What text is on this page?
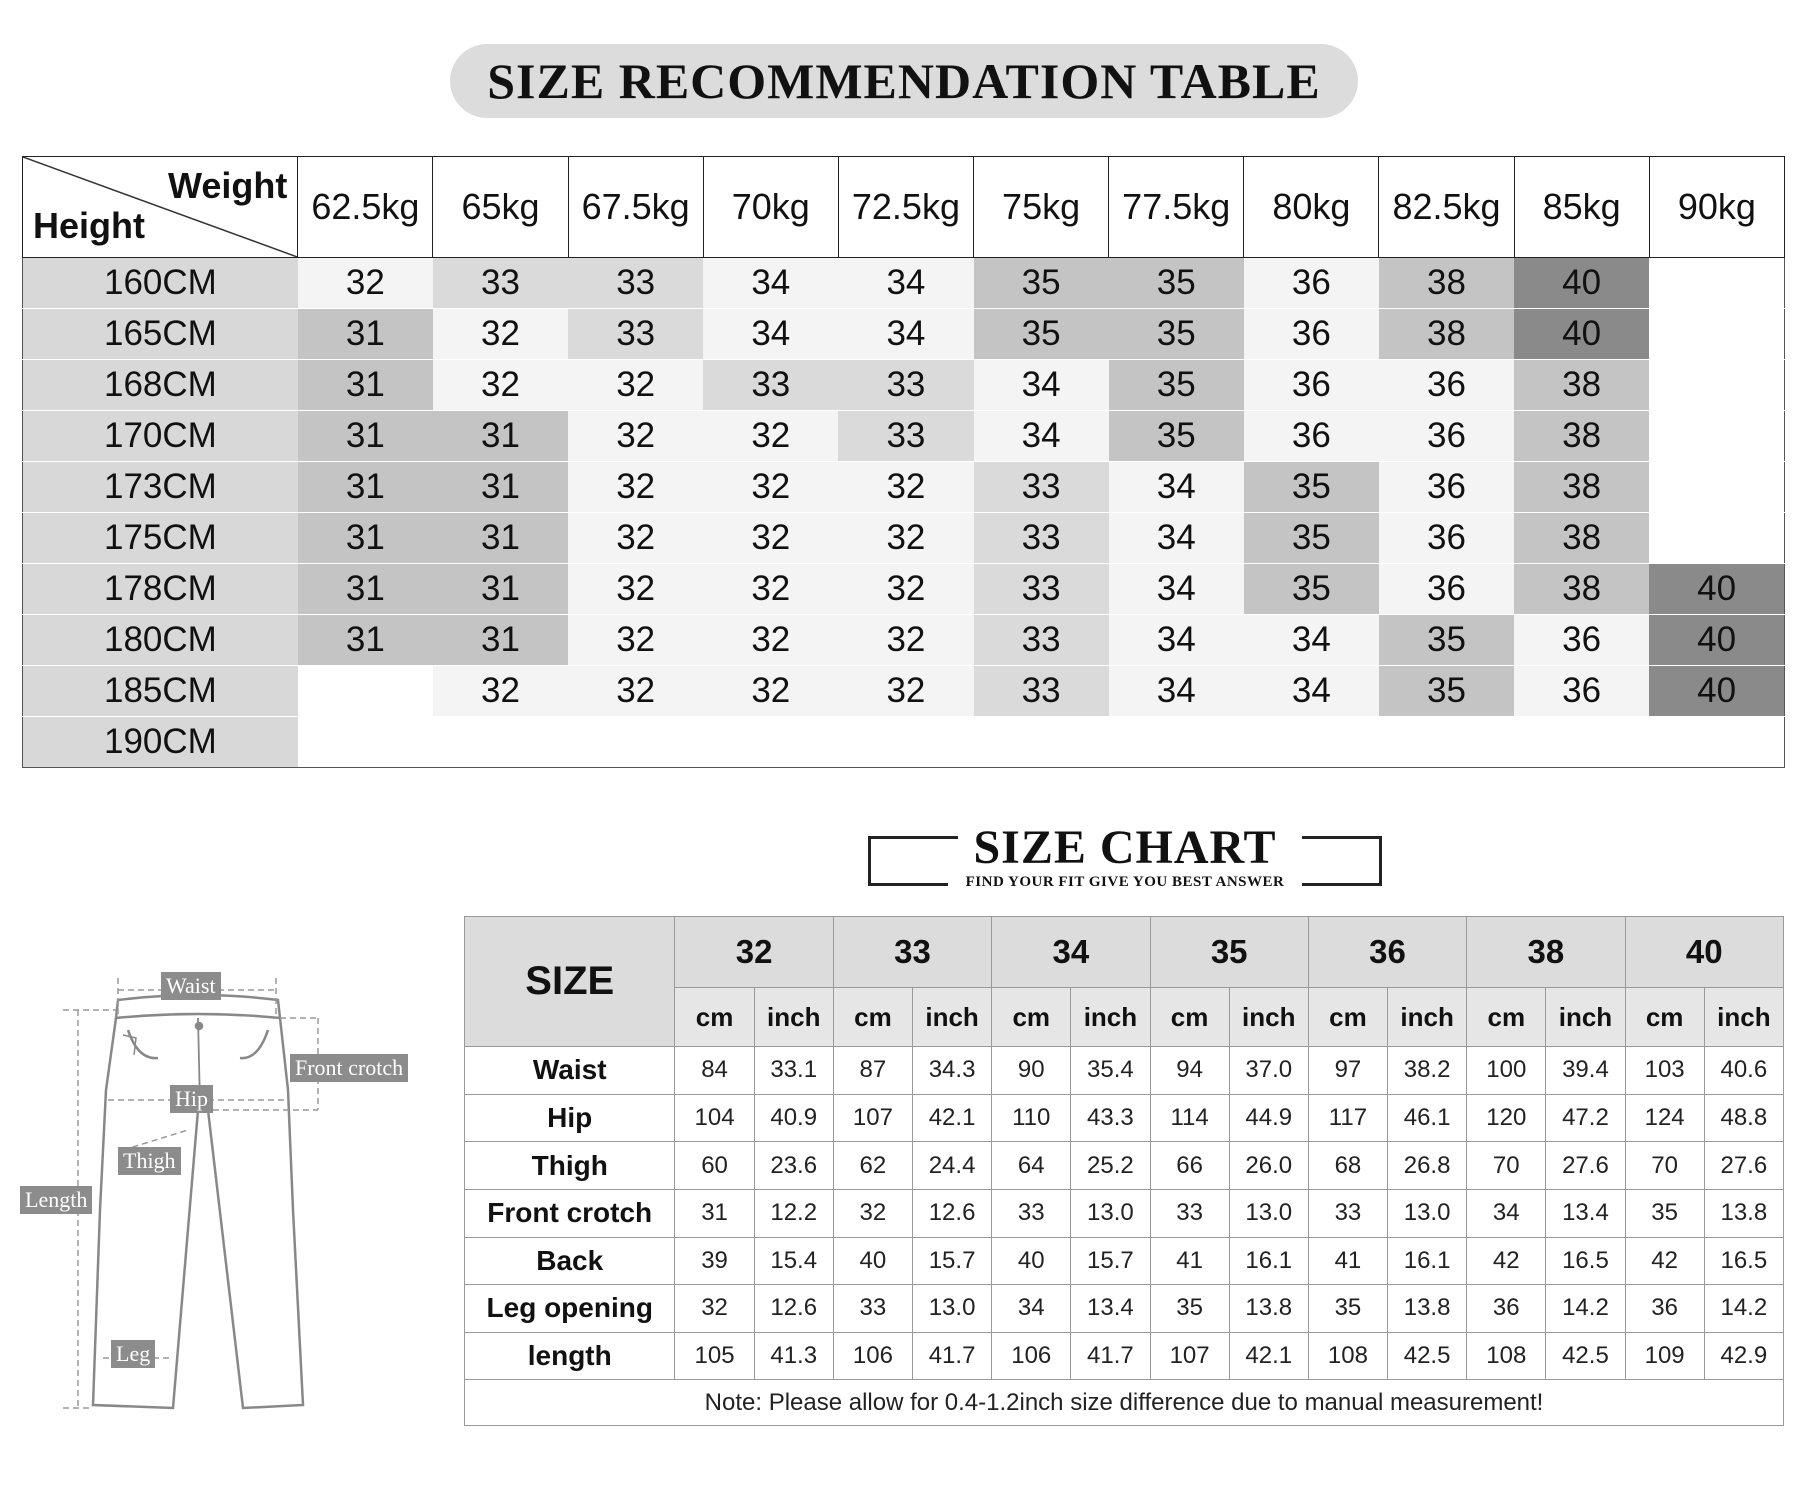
SIZE RECOMMENDATION TABLE
Weight
Height	62.5kg	65kg	67.5kg	70kg	72.5kg	75kg	77.5kg	80kg	82.5kg	85kg	90kg
160CM	32	33	33	34	34	35	35	36	38	40	
165CM	31	32	33	34	34	35	35	36	38	40	
168CM	31	32	32	33	33	34	35	36	36	38	
170CM	31	31	32	32	33	34	35	36	36	38	
173CM	31	31	32	32	32	33	34	35	36	38	
175CM	31	31	32	32	32	33	34	35	36	38	
178CM	31	31	32	32	32	33	34	35	36	38	40
180CM	31	31	32	32	32	33	34	34	35	36	40
185CM		32	32	32	32	33	34	34	35	36	40
190CM											
SIZE CHART
FIND YOUR FIT GIVE YOU BEST ANSWER
SIZE	32		33		34		35		36		38		40	
	cm	inch	cm	inch	cm	inch	cm	inch	cm	inch	cm	inch	cm	inch
Waist	84	33.1	87	34.3	90	35.4	94	37.0	97	38.2	100	39.4	103	40.6
Hip	104	40.9	107	42.1	110	43.3	114	44.9	117	46.1	120	47.2	124	48.8
Thigh	60	23.6	62	24.4	64	25.2	66	26.0	68	26.8	70	27.6	70	27.6
Front crotch	31	12.2	32	12.6	33	13.0	33	13.0	33	13.0	34	13.4	35	13.8
Back	39	15.4	40	15.7	40	15.7	41	16.1	41	16.1	42	16.5	42	16.5
Leg opening	32	12.6	33	13.0	34	13.4	35	13.8	35	13.8	36	14.2	36	14.2
length	105	41.3	106	41.7	106	41.7	107	42.1	108	42.5	108	42.5	109	42.9
Note: Please allow for 0.4-1.2inch size difference due to manual measurement!														
Waist
Front crotch
Hip
Thigh
Length
Leg
